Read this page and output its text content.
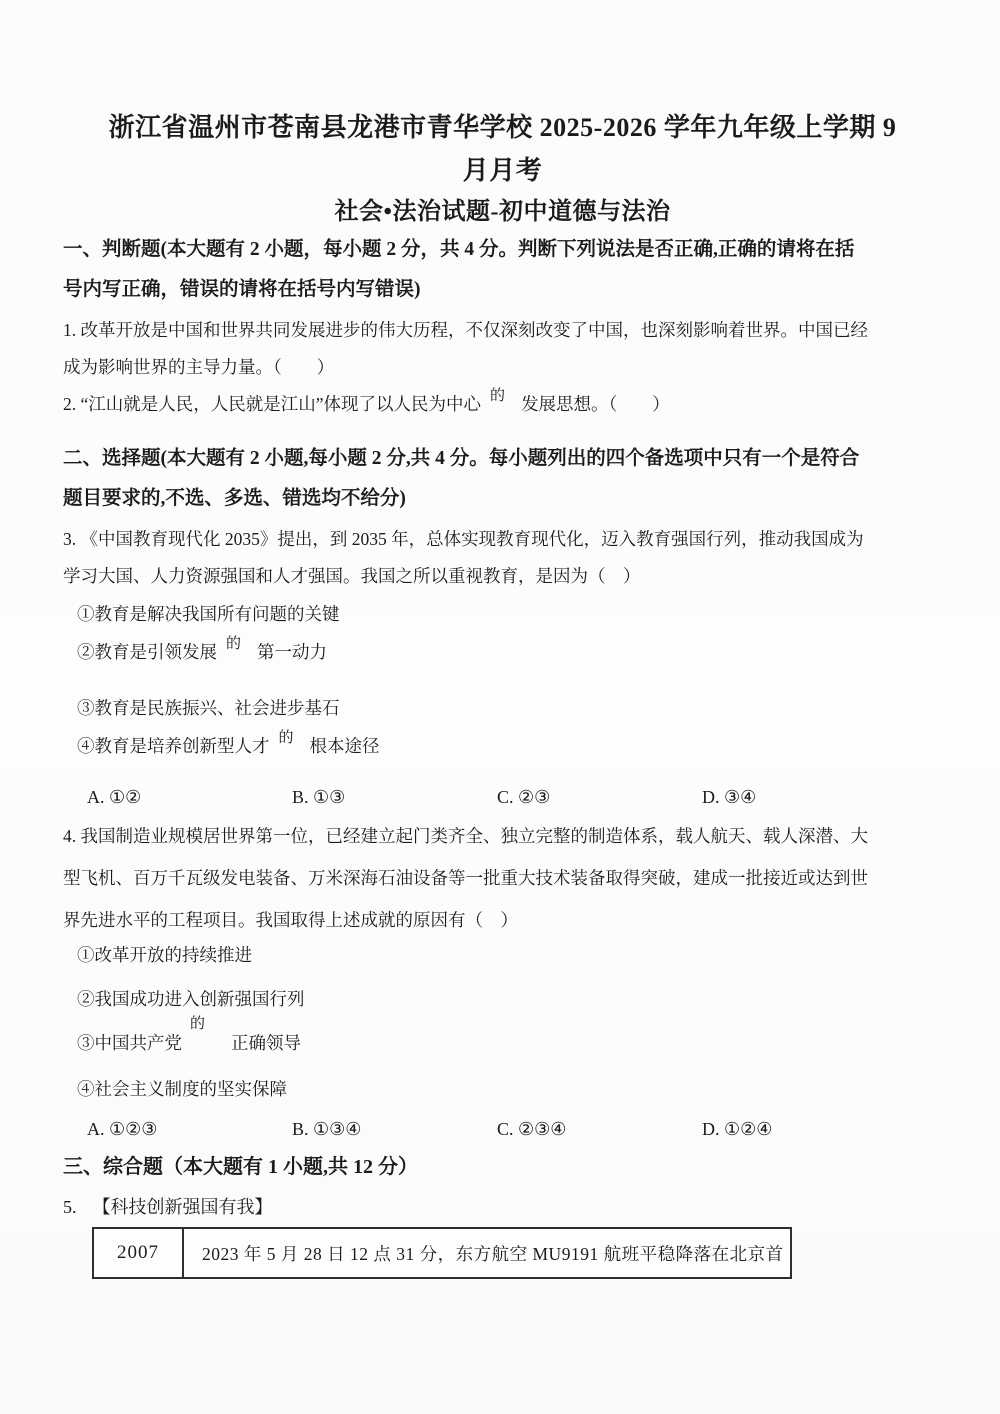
浙江省温州市苍南县龙港市青华学校 2025-2026 学年九年级上学期 9
月月考
社会•法治试题-初中道德与法治
一、判断题(本大题有 2 小题，每小题 2 分，共 4 分。判断下列说法是否正确,正确的请将在括
号内写正确，错误的请将在括号内写错误)
1. 改革开放是中国和世界共同发展进步的伟大历程，不仅深刻改变了中国，也深刻影响着世界。中国已经
成为影响世界的主导力量。（　　）
2. “江山就是人民，人民就是江山”体现了以人民为中心 的 发展思想。（　　）
二、选择题(本大题有 2 小题,每小题 2 分,共 4 分。每小题列出的四个备选项中只有一个是符合
题目要求的,不选、多选、错选均不给分)
3. 《中国教育现代化 2035》提出，到 2035 年，总体实现教育现代化，迈入教育强国行列，推动我国成为
学习大国、人力资源强国和人才强国。我国之所以重视教育，是因为（　）
①教育是解决我国所有问题的关键
②教育是引领发展 的 第一动力
③教育是民族振兴、社会进步基石
④教育是培养创新型人才 的 根本途径
A. ①②	B. ①③	C. ②③	D. ③④
4. 我国制造业规模居世界第一位，已经建立起门类齐全、独立完整的制造体系，载人航天、载人深潜、大
型飞机、百万千瓦级发电装备、万米深海石油设备等一批重大技术装备取得突破，建成一批接近或达到世
界先进水平的工程项目。我国取得上述成就的原因有（　）
①改革开放的持续推进
②我国成功进入创新强国行列
③中国共产党的正确领导
④社会主义制度的坚实保障
A. ①②③	B. ①③④	C. ②③④	D. ①②④
三、综合题（本大题有 1 小题,共 12 分）
5. 【科技创新强国有我】
2007	2023 年 5 月 28 日 12 点 31 分，东方航空 MU9191 航班平稳降落在北京首
